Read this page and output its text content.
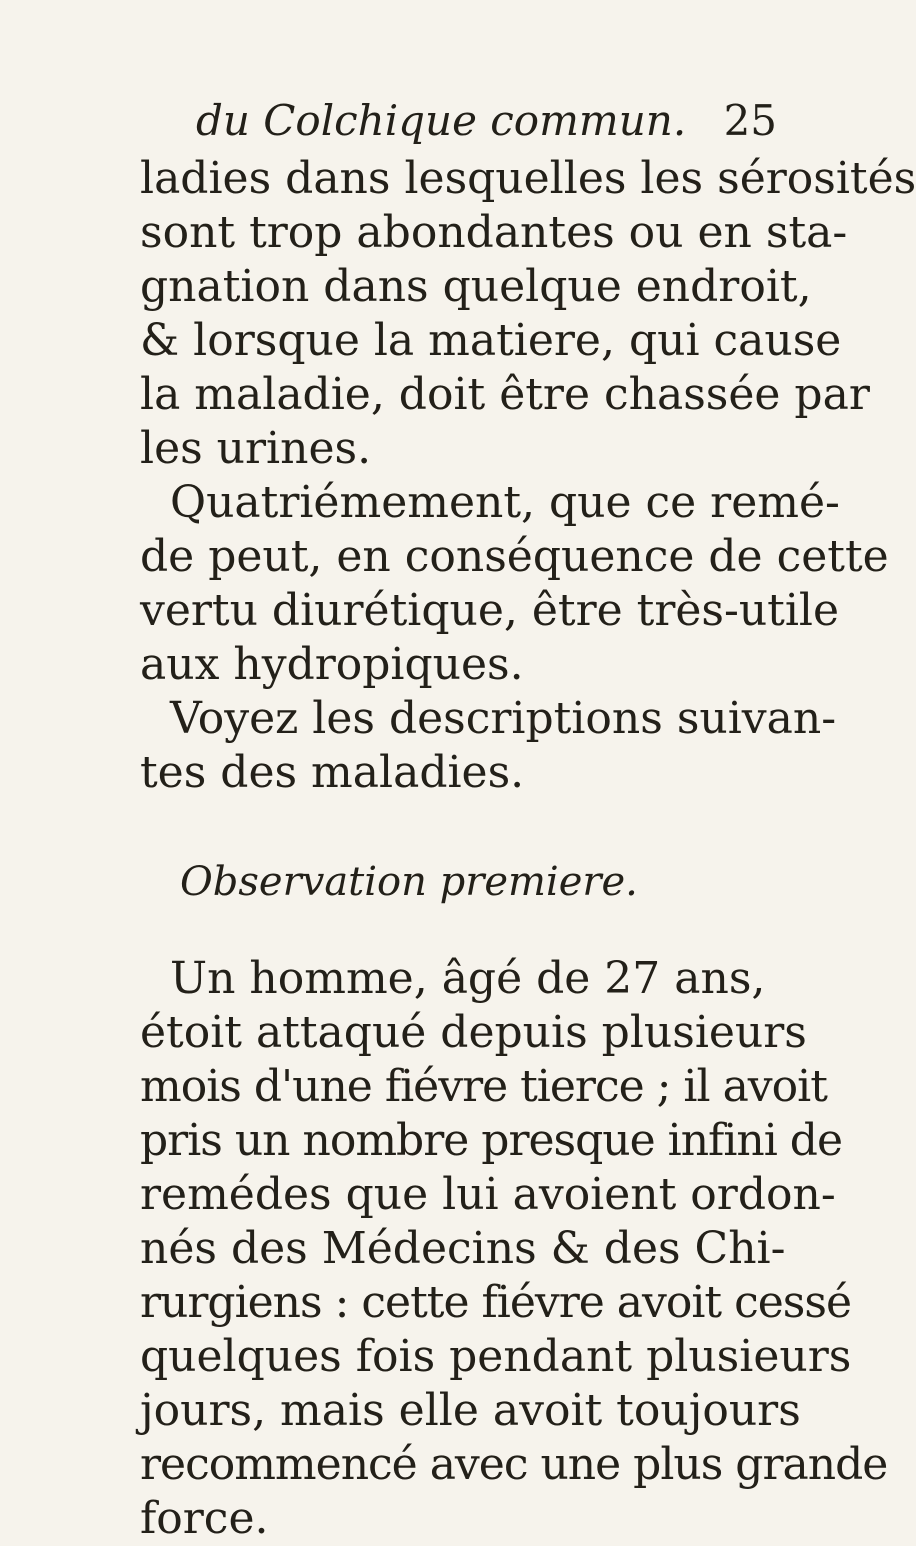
du Colchique commun. 25
ladies dans lesquelles les sérosités
sont trop abondantes ou en sta-
gnation dans quelque endroit,
& lorsque la matiere, qui cause
la maladie, doit être chassée par
les urines.
Quatriémement, que ce remé-
de peut, en conséquence de cette
vertu diurétique, être très-utile
aux hydropiques.
Voyez les descriptions suivan-
tes des maladies.
Observation premiere.
Un homme, âgé de 27 ans,
étoit attaqué depuis plusieurs
mois d'une fiévre tierce ; il avoit
pris un nombre presque infini de
remédes que lui avoient ordon-
nés des Médecins & des Chi-
rurgiens : cette fiévre avoit cessé
quelques fois pendant plusieurs
jours, mais elle avoit toujours
recommencé avec une plus grande
force.
